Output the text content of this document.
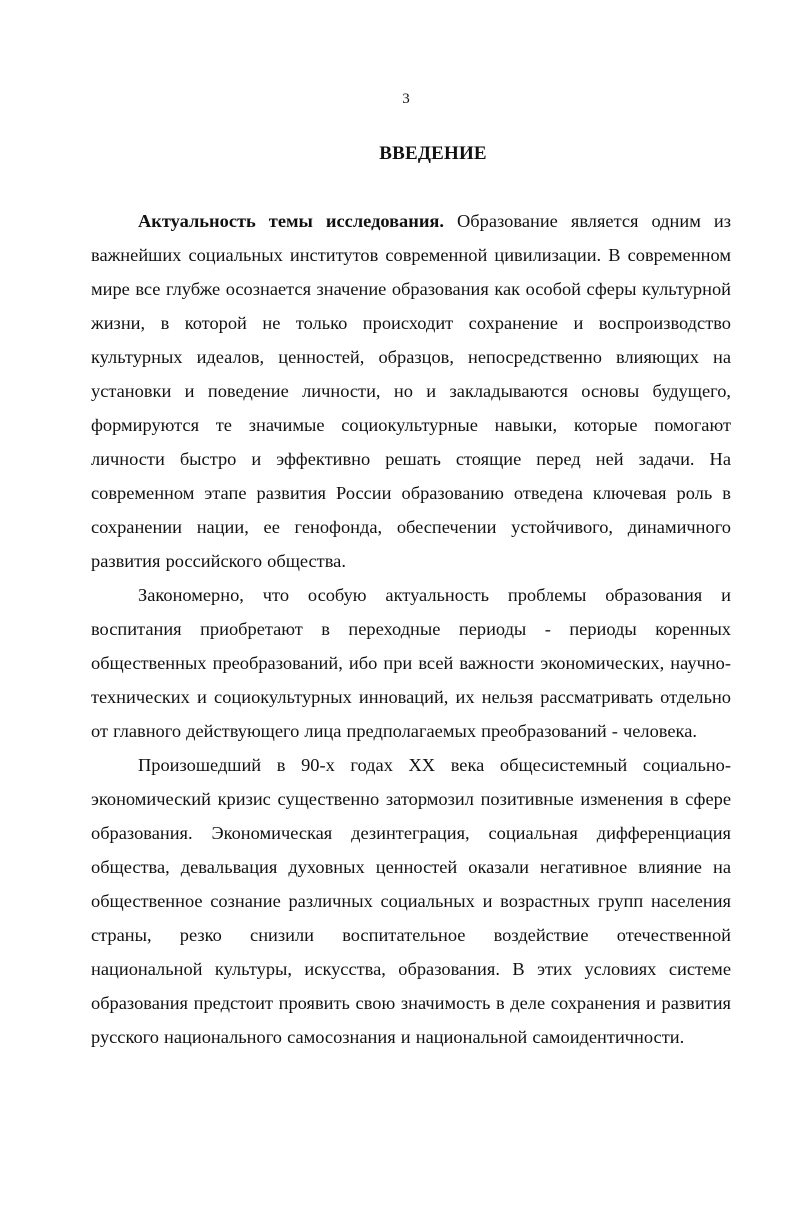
3
ВВЕДЕНИЕ

Актуальность темы исследования. Образование является одним из важнейших социальных институтов современной цивилизации. В современном мире все глубже осознается значение образования как особой сферы культурной жизни, в которой не только происходит сохранение и воспроизводство культурных идеалов, ценностей, образцов, непосредственно влияющих на установки и поведение личности, но и закладываются основы будущего, формируются те значимые социокультурные навыки, которые помогают личности быстро и эффективно решать стоящие перед ней задачи. На современном этапе развития России образованию отведена ключевая роль в сохранении нации, ее генофонда, обеспечении устойчивого, динамичного развития российского общества.

Закономерно, что особую актуальность проблемы образования и воспитания приобретают в переходные периоды - периоды коренных общественных преобразований, ибо при всей важности экономических, научно-технических и социокультурных инноваций, их нельзя рассматривать отдельно от главного действующего лица предполагаемых преобразований - человека.

Произошедший в 90-х годах XX века общесистемный социально-экономический кризис существенно затормозил позитивные изменения в сфере образования. Экономическая дезинтеграция, социальная дифференциация общества, девальвация духовных ценностей оказали негативное влияние на общественное сознание различных социальных и возрастных групп населения страны, резко снизили воспитательное воздействие отечественной национальной культуры, искусства, образования. В этих условиях системе образования предстоит проявить свою значимость в деле сохранения и развития русского национального самосознания и национальной самоидентичности.
